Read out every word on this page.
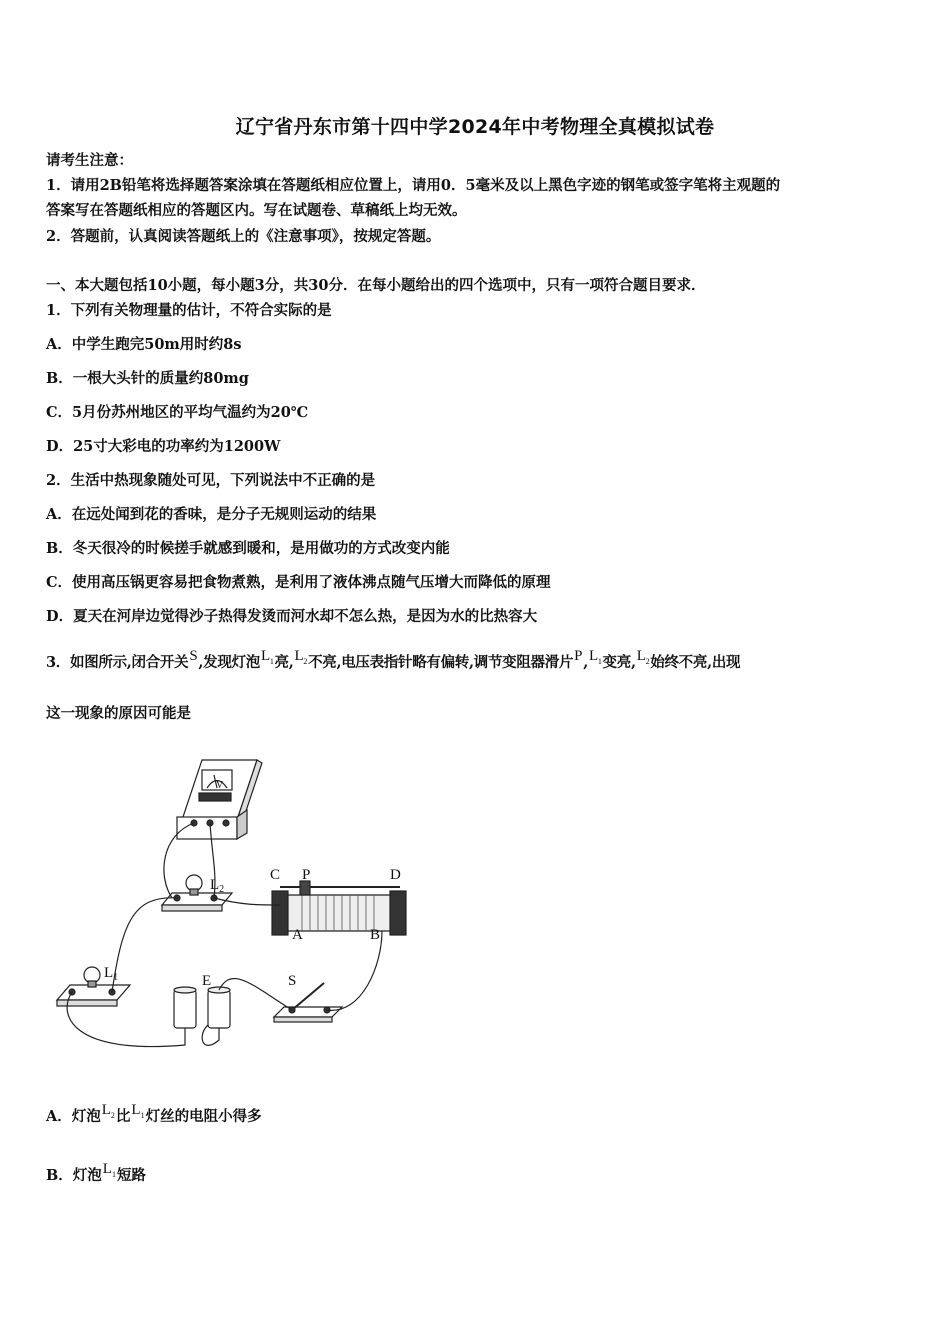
辽宁省丹东市第十四中学2024年中考物理全真模拟试卷
请考生注意：
1．请用2B铅笔将选择题答案涂填在答题纸相应位置上，请用0．5毫米及以上黑色字迹的钢笔或签字笔将主观题的
答案写在答题纸相应的答题区内。写在试题卷、草稿纸上均无效。
2．答题前，认真阅读答题纸上的《注意事项》，按规定答题。
一、本大题包括10小题，每小题3分，共30分．在每小题给出的四个选项中，只有一项符合题目要求．
1．下列有关物理量的估计，不符合实际的是
A．中学生跑完50m用时约8s
B．一根大头针的质量约80mg
C．5月份苏州地区的平均气温约为20℃
D．25寸大彩电的功率约为1200W
2．生活中热现象随处可见，下列说法中不正确的是
A．在远处闻到花的香味，是分子无规则运动的结果
B．冬天很冷的时候搓手就感到暖和，是用做功的方式改变内能
C．使用高压锅更容易把食物煮熟，是利用了液体沸点随气压增大而降低的原理
D．夏天在河岸边觉得沙子热得发烫而河水却不怎么热，是因为水的比热容大
3．如图所示,闭合开关S,发现灯泡$L_1$亮$,L_2$不亮,电压表指针略有偏转,调节变阻器滑片$P,L_1$变亮$,L_2$始终不亮,出现
这一现象的原因可能是
V
C P	D
A	B
$L_2$
$L_1$	E	S
A．灯泡$L_2$比$L_1$灯丝的电阻小得多
B．灯泡$L_1$短路
